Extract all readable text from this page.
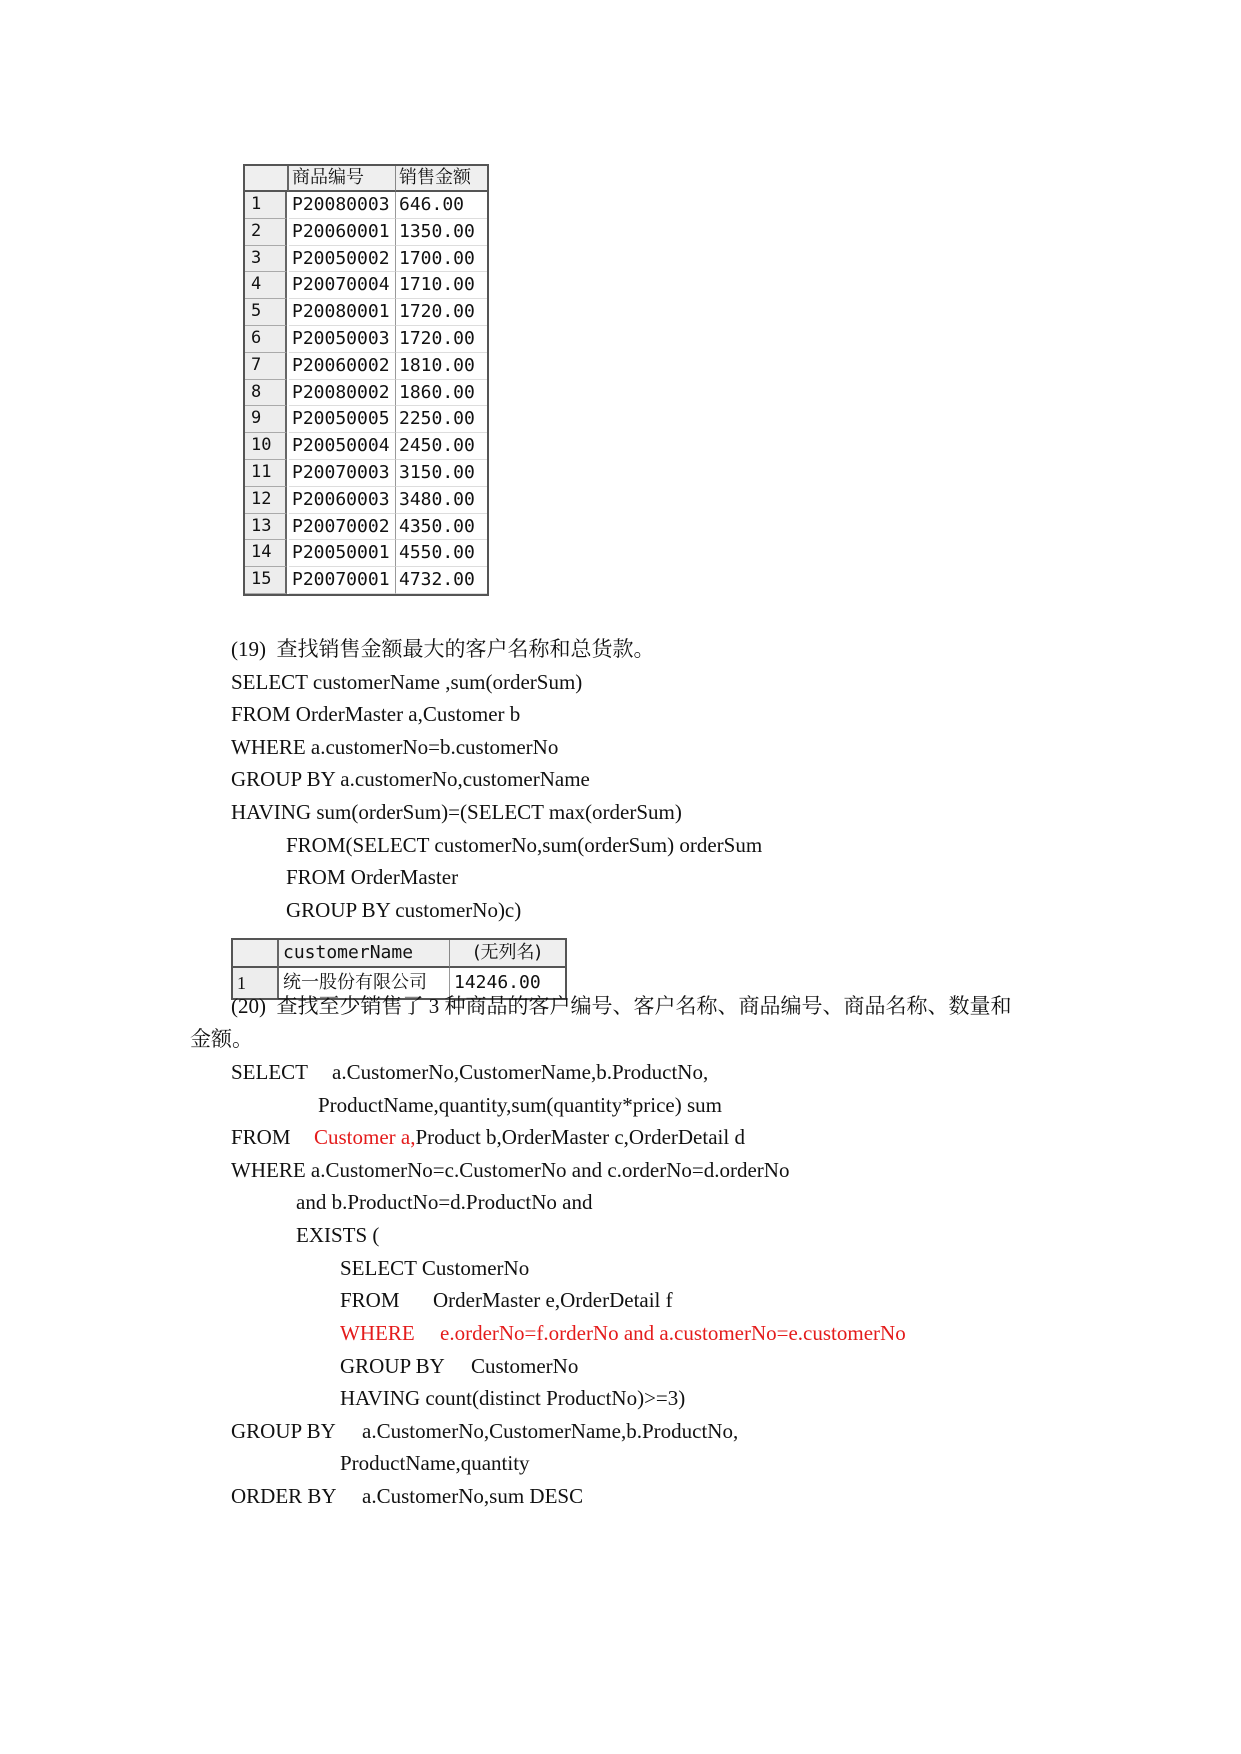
商品编号	销售金额
1	P20080003 646.00
2	P20060001 1350.00
3	P20050002 1700.00
4	P20070004 1710.00
5	P20080001 1720.00
6	P20050003 1720.00
7	P20060002 1810.00
8	P20080002 1860.00
9	P20050005 2250.00
10	P20050004 2450.00
11	P20070003 3150.00
12	P20060003 3480.00
13	P20070002 4350.00
14	P20050001 4550.00
15	P20070001 4732.00
(19)  查找销售金额最大的客户名称和总货款。
SELECT customerName ,sum(orderSum)
FROM OrderMaster a,Customer b
WHERE a.customerNo=b.customerNo
GROUP BY a.customerNo,customerName
HAVING sum(orderSum)=(SELECT max(orderSum)
FROM(SELECT customerNo,sum(orderSum) orderSum
FROM OrderMaster
GROUP BY customerNo)c)
customerName	(无列名)
1	统一股份有限公司	14246.00
(20)  查找至少销售了 3 种商品的客户编号、客户名称、商品编号、商品名称、数量和
金额。
SELECT a.CustomerNo,CustomerName,b.ProductNo,
ProductName,quantity,sum(quantity*price) sum
FROM Customer a,Product b,OrderMaster c,OrderDetail d
WHERE a.CustomerNo=c.CustomerNo and c.orderNo=d.orderNo
and b.ProductNo=d.ProductNo and
EXISTS (
SELECT CustomerNo
FROM OrderMaster e,OrderDetail f
WHERE e.orderNo=f.orderNo and a.customerNo=e.customerNo
GROUP BY CustomerNo
HAVING count(distinct ProductNo)>=3)
GROUP BY a.CustomerNo,CustomerName,b.ProductNo,
ProductName,quantity
ORDER BY a.CustomerNo,sum DESC
